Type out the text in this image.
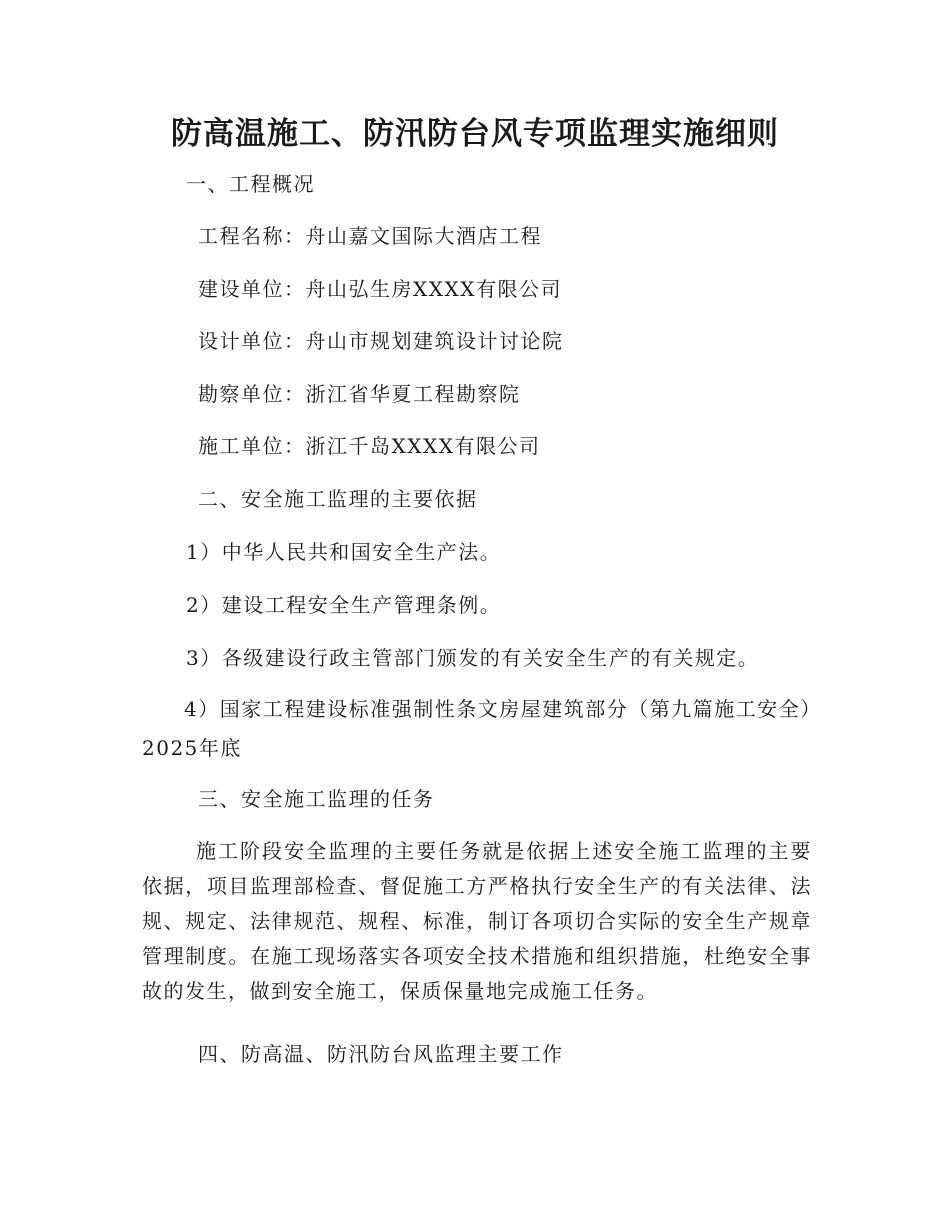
防高温施工、防汛防台风专项监理实施细则
一、工程概况
工程名称：舟山嘉文国际大酒店工程
建设单位：舟山弘生房XXXX有限公司
设计单位：舟山市规划建筑设计讨论院
勘察单位：浙江省华夏工程勘察院
施工单位：浙江千岛XXXX有限公司
二、安全施工监理的主要依据
1）中华人民共和国安全生产法。
2）建设工程安全生产管理条例。
3）各级建设行政主管部门颁发的有关安全生产的有关规定。
4）国家工程建设标准强制性条文房屋建筑部分（第九篇施工安全）2025年底
三、安全施工监理的任务
施工阶段安全监理的主要任务就是依据上述安全施工监理的主要依据，项目监理部检查、督促施工方严格执行安全生产的有关法律、法规、规定、法律规范、规程、标准，制订各项切合实际的安全生产规章管理制度。在施工现场落实各项安全技术措施和组织措施，杜绝安全事故的发生，做到安全施工，保质保量地完成施工任务。
四、防高温、防汛防台风监理主要工作
